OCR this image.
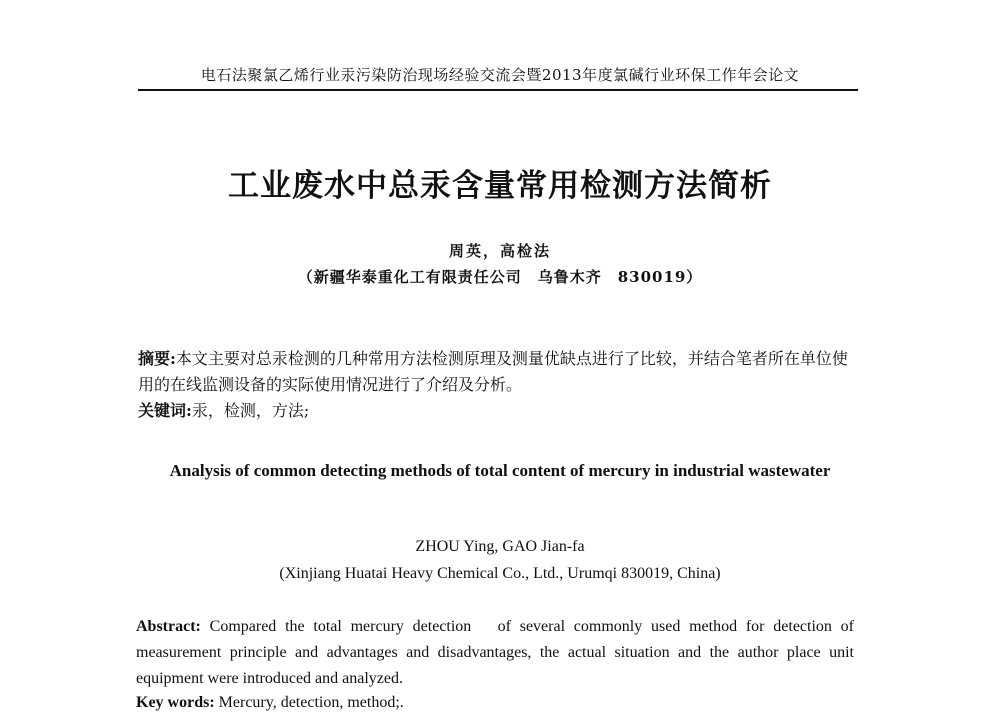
电石法聚氯乙烯行业汞污染防治现场经验交流会暨2013年度氯碱行业环保工作年会论文
工业废水中总汞含量常用检测方法简析
周英，高检法
（新疆华泰重化工有限责任公司　乌鲁木齐　830019）
摘要:本文主要对总汞检测的几种常用方法检测原理及测量优缺点进行了比较，并结合笔者所在单位使用的在线监测设备的实际使用情况进行了介绍及分析。
关键词:汞，检测，方法;
Analysis of common detecting methods of total content of mercury in industrial wastewater
ZHOU Ying, GAO Jian-fa
(Xinjiang Huatai Heavy Chemical Co., Ltd., Urumqi 830019, China)
Abstract: Compared the total mercury detection   of several commonly used method for detection of measurement principle and advantages and disadvantages, the actual situation and the author place unit equipment were introduced and analyzed.
Key words: Mercury, detection, method;.
